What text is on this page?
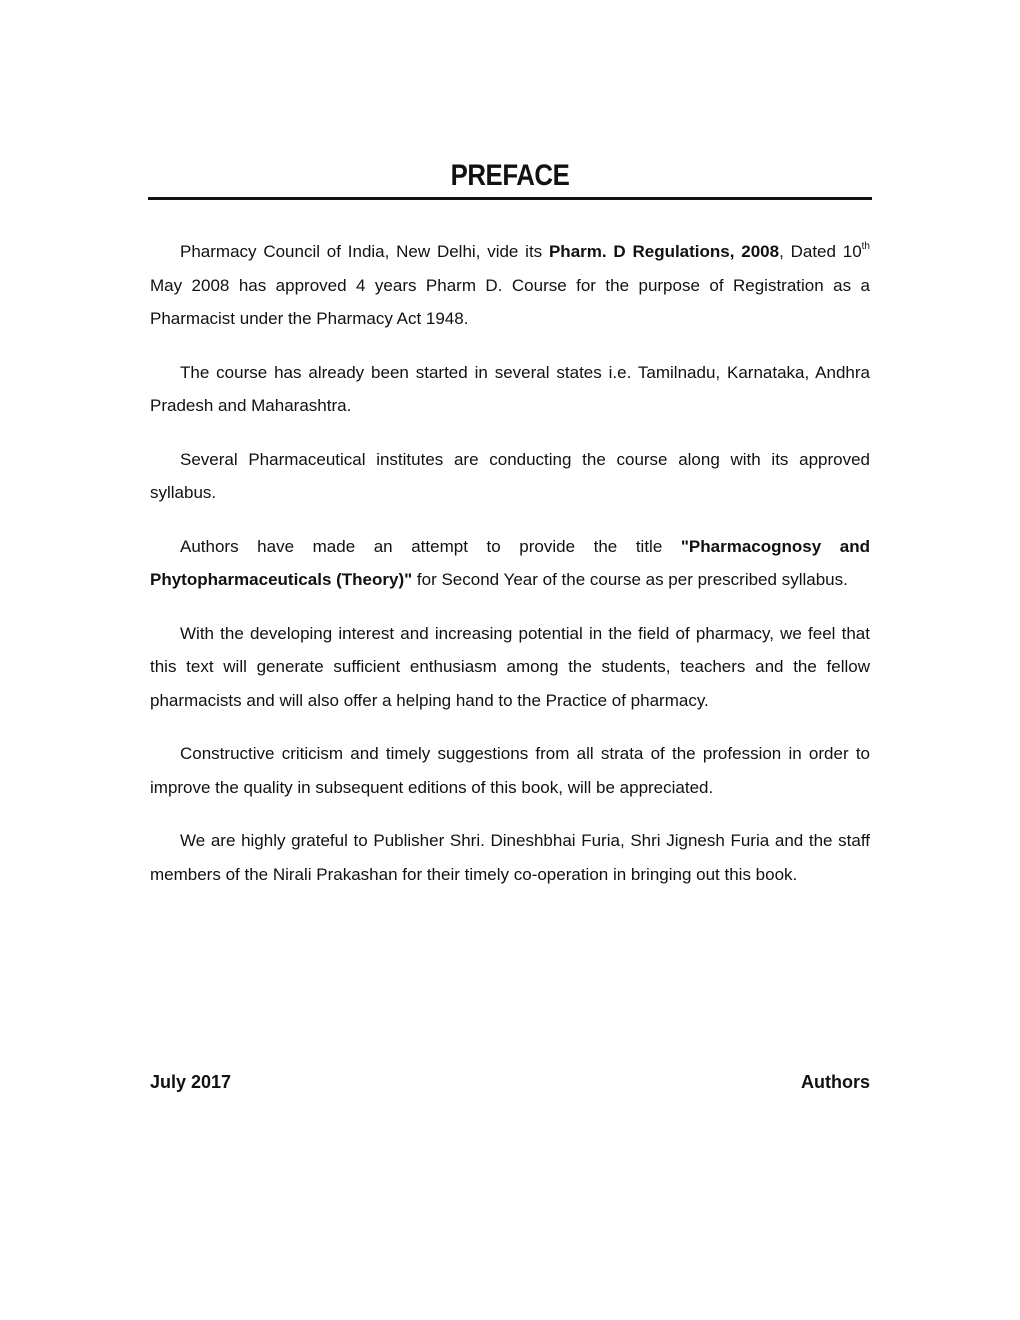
PREFACE

Pharmacy Council of India, New Delhi, vide its Pharm. D Regulations, 2008, Dated 10th May 2008 has approved 4 years Pharm D. Course for the purpose of Registration as a Pharmacist under the Pharmacy Act 1948.

The course has already been started in several states i.e. Tamilnadu, Karnataka, Andhra Pradesh and Maharashtra.

Several Pharmaceutical institutes are conducting the course along with its approved syllabus.

Authors have made an attempt to provide the title "Pharmacognosy and Phytopharmaceuticals (Theory)" for Second Year of the course as per prescribed syllabus.

With the developing interest and increasing potential in the field of pharmacy, we feel that this text will generate sufficient enthusiasm among the students, teachers and the fellow pharmacists and will also offer a helping hand to the Practice of pharmacy.

Constructive criticism and timely suggestions from all strata of the profession in order to improve the quality in subsequent editions of this book, will be appreciated.

We are highly grateful to Publisher Shri. Dineshbhai Furia, Shri Jignesh Furia and the staff members of the Nirali Prakashan for their timely co-operation in bringing out this book.

July 2017	Authors
